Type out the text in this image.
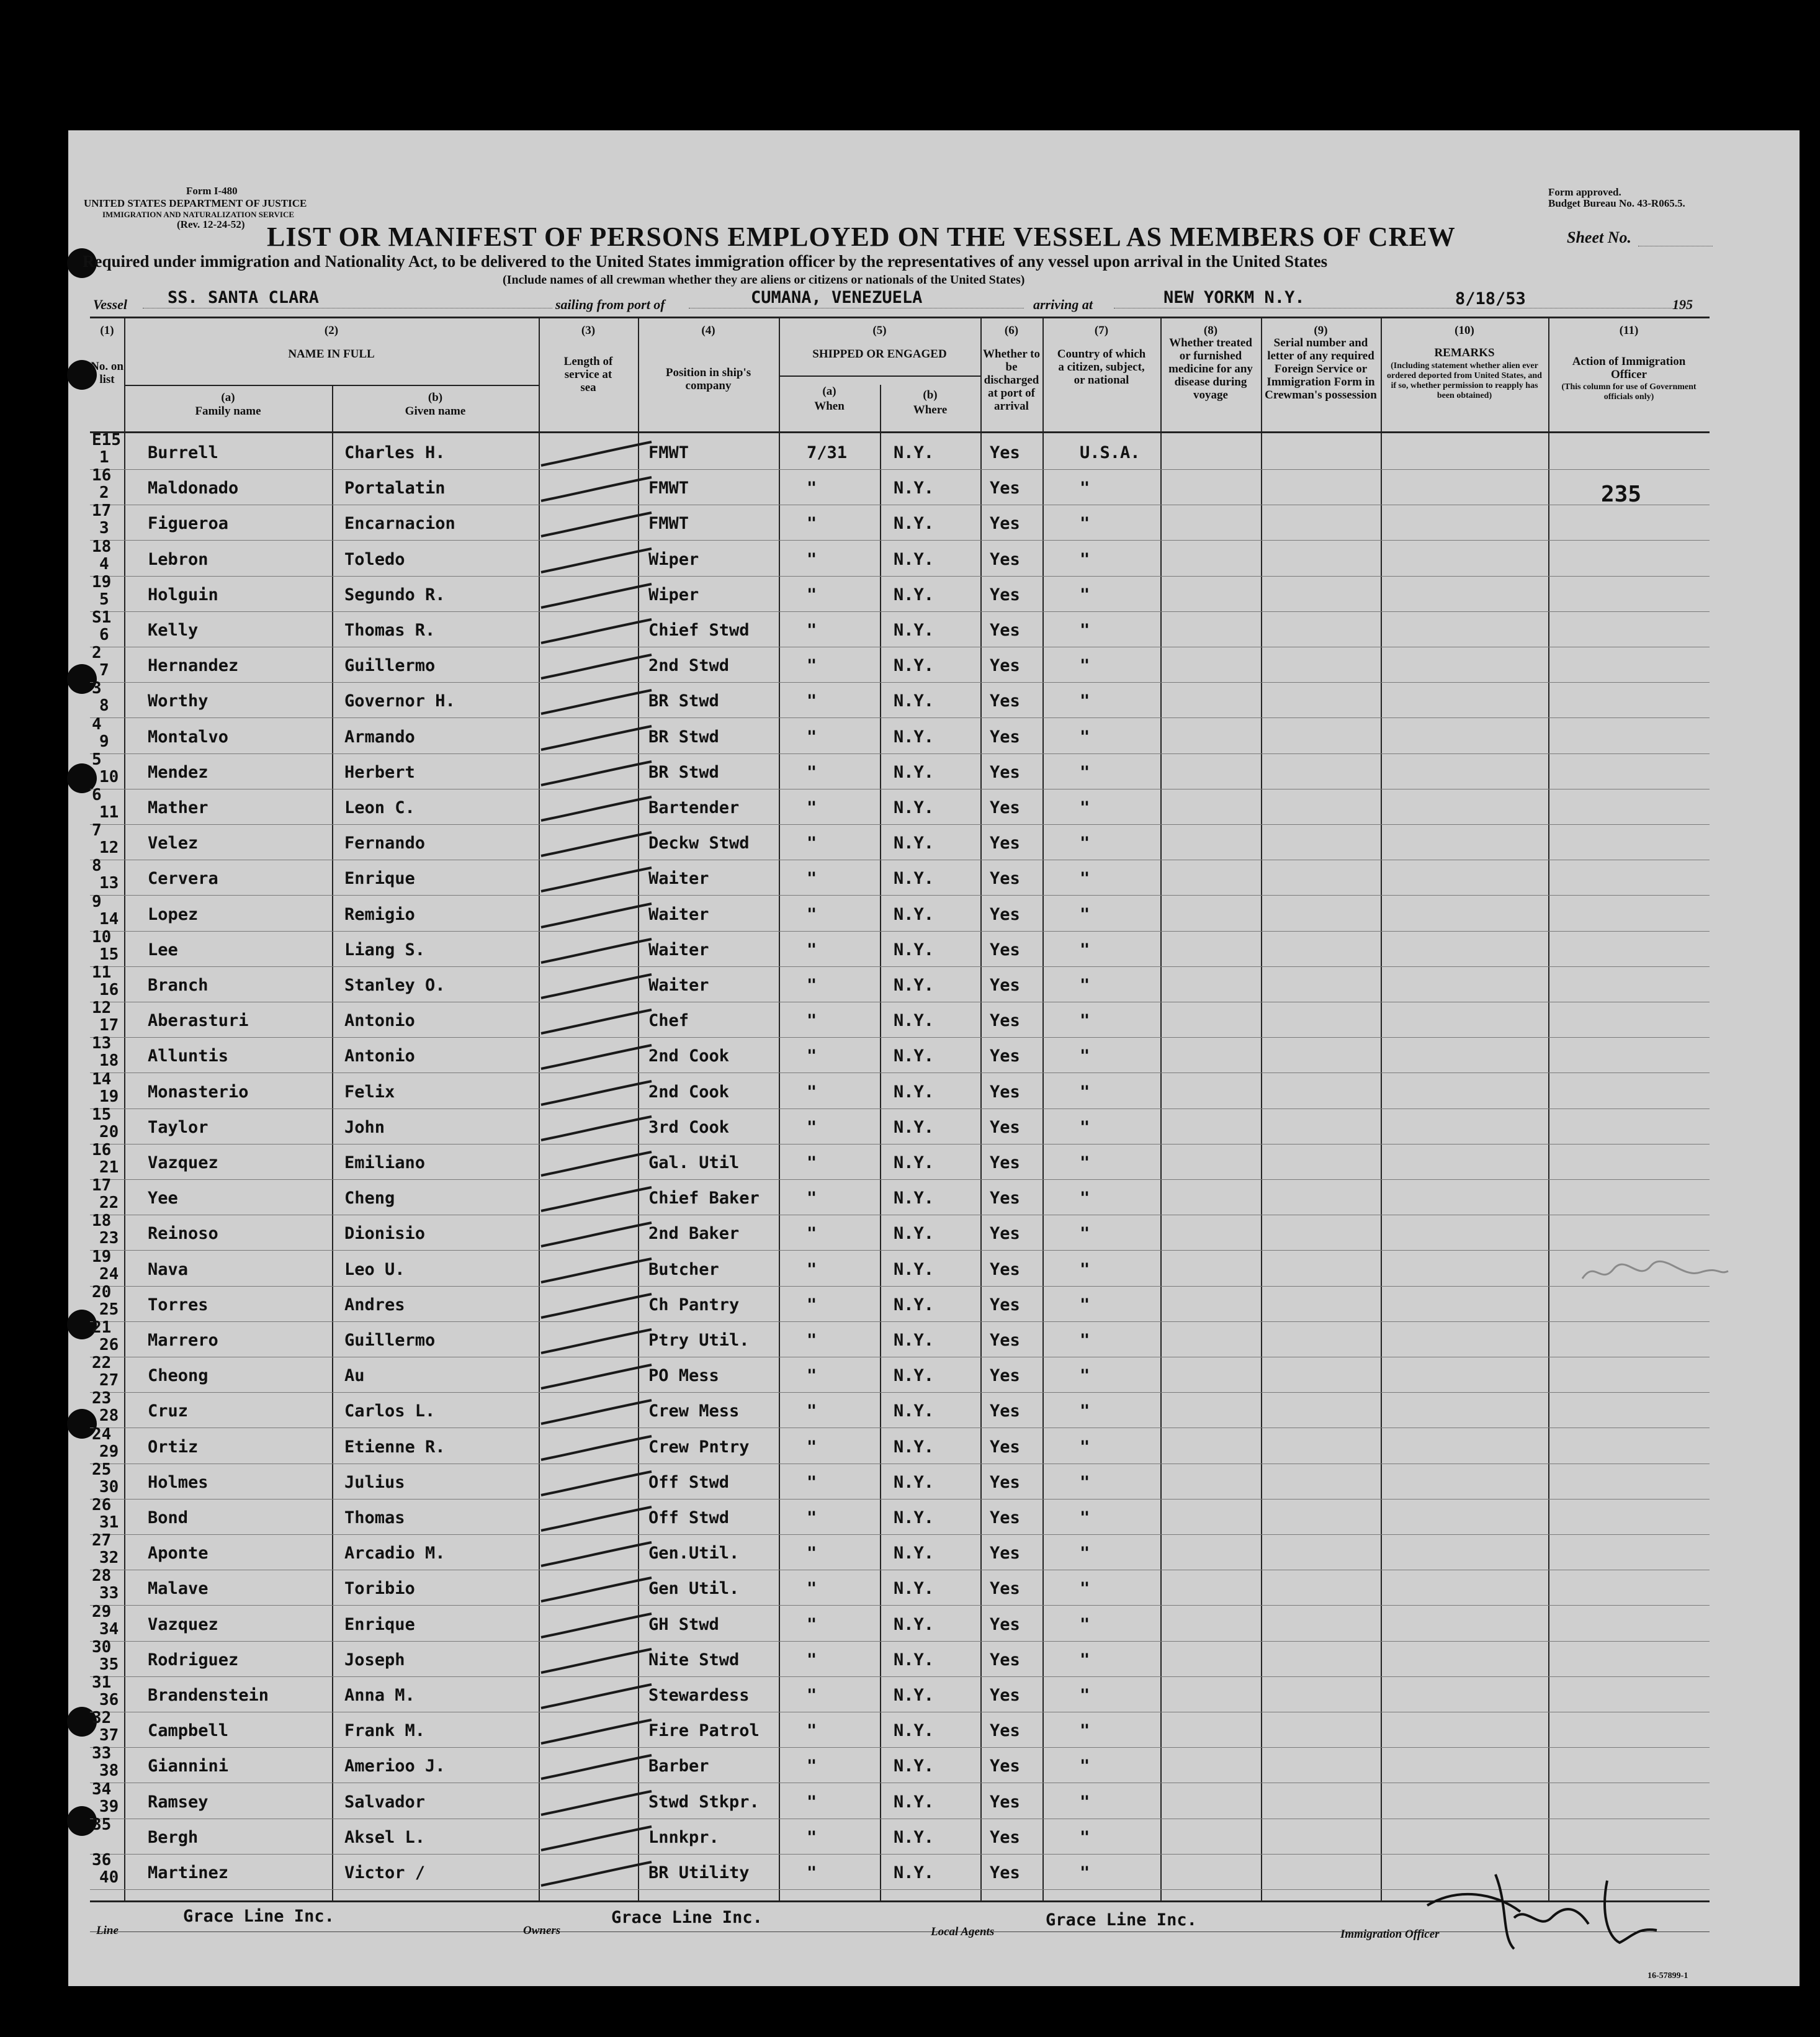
Form I-480
UNITED STATES DEPARTMENT OF JUSTICE
IMMIGRATION AND NATURALIZATION SERVICE
(Rev. 12-24-52)
Form approved.
Budget Bureau No. 43-R065.5.
LIST OR MANIFEST OF PERSONS EMPLOYED ON THE VESSEL AS MEMBERS OF CREW	Sheet No.
Required under immigration and Nationality Act, to be delivered to the United States immigration officer by the representatives of any vessel upon arrival in the United States
(Include names of all crewman whether they are aliens or citizens or nationals of the United States)
Vessel SS. SANTA CLARA	sailing from port of	CUMANA, VENEZUELA	arriving at	NEW YORKM N.Y.	8/18/53	195
(1)
No. on list
(2)
NAME IN FULL
(a)
Family name
(b)
Given name
(3)
Length of service at sea
(4)
Position in ship's company
(5)
SHIPPED OR ENGAGED
(a)
When
(b)
Where
(6)
Whether to be discharged at port of arrival
(7)
Country of which a citizen, subject, or national
(8)
Whether treated or furnished medicine for any disease during voyage
(9)
Serial number and letter of any required Foreign Service or Immigration Form in Crewman's possession
(10)
REMARKS
(Including statement whether alien ever ordered deported from United States, and if so, whether permission to reapply has been obtained)
(11)
Action of Immigration Officer
(This column for use of Government officials only)
E15
1 Burrell	Charles H.	FMWT	7/31	N.Y.	Yes	U.S.A.
16
2 Maldonado	Portalatin	FMWT	"	N.Y.	Yes	"
17
3 Figueroa	Encarnacion	FMWT	"	N.Y.	Yes	"
18
4 Lebron	Toledo	Wiper	"	N.Y.	Yes	"
19
5 Holguin	Segundo R.	Wiper	"	N.Y.	Yes	"
S1
6 Kelly	Thomas R.	Chief Stwd	"	N.Y.	Yes	"
2
7 Hernandez	Guillermo	2nd Stwd	"	N.Y.	Yes	"
3
8 Worthy	Governor H.	BR Stwd	"	N.Y.	Yes	"
4
9 Montalvo	Armando	BR Stwd	"	N.Y.	Yes	"
5
10 Mendez	Herbert	BR Stwd	"	N.Y.	Yes	"
6
11 Mather	Leon C.	Bartender	"	N.Y.	Yes	"
7
12 Velez	Fernando	Deckw Stwd	"	N.Y.	Yes	"
8
13 Cervera	Enrique	Waiter	"	N.Y.	Yes	"
9
14 Lopez	Remigio	Waiter	"	N.Y.	Yes	"
10
15 Lee	Liang S.	Waiter	"	N.Y.	Yes	"
11
16 Branch	Stanley O.	Waiter	"	N.Y.	Yes	"
12
17 Aberasturi	Antonio	Chef	"	N.Y.	Yes	"
13
18 Alluntis	Antonio	2nd Cook	"	N.Y.	Yes	"
14
19 Monasterio	Felix	2nd Cook	"	N.Y.	Yes	"
15
20 Taylor	John	3rd Cook	"	N.Y.	Yes	"
16
21 Vazquez	Emiliano	Gal. Util	"	N.Y.	Yes	"
17
22 Yee	Cheng	Chief Baker	"	N.Y.	Yes	"
18
23 Reinoso	Dionisio	2nd Baker	"	N.Y.	Yes	"
19
24 Nava	Leo U.	Butcher	"	N.Y.	Yes	"
20
25 Torres	Andres	Ch Pantry	"	N.Y.	Yes	"
21
26 Marrero	Guillermo	Ptry Util.	"	N.Y.	Yes	"
22
27 Cheong	Au	PO Mess	"	N.Y.	Yes	"
23
28 Cruz	Carlos L.	Crew Mess	"	N.Y.	Yes	"
24
29 Ortiz	Etienne R.	Crew Pntry	"	N.Y.	Yes	"
25
30 Holmes	Julius	Off Stwd	"	N.Y.	Yes	"
26
31 Bond	Thomas	Off Stwd	"	N.Y.	Yes	"
27
32 Aponte	Arcadio M.	Gen.Util.	"	N.Y.	Yes	"
28
33 Malave	Toribio	Gen Util.	"	N.Y.	Yes	"
29
34 Vazquez	Enrique	GH Stwd	"	N.Y.	Yes	"
30
35 Rodriguez	Joseph	Nite Stwd	"	N.Y.	Yes	"
31
36 Brandenstein	Anna M.	Stewardess	"	N.Y.	Yes	"
32
37 Campbell	Frank M.	Fire Patrol	"	N.Y.	Yes	"
33
38 Giannini	Amerioo J.	Barber	"	N.Y.	Yes	"
34
39 Ramsey	Salvador	Stwd Stkpr.	"	N.Y.	Yes	"
35
Bergh	Aksel L.	Lnnkpr.	"	N.Y.	Yes	"
36
40 Martinez	Victor /	BR Utility	"	N.Y.	Yes	"
235
Line
Grace Line Inc.
Owners
Grace Line Inc.
Local Agents
Grace Line Inc.
Immigration Officer
16-57899-1
